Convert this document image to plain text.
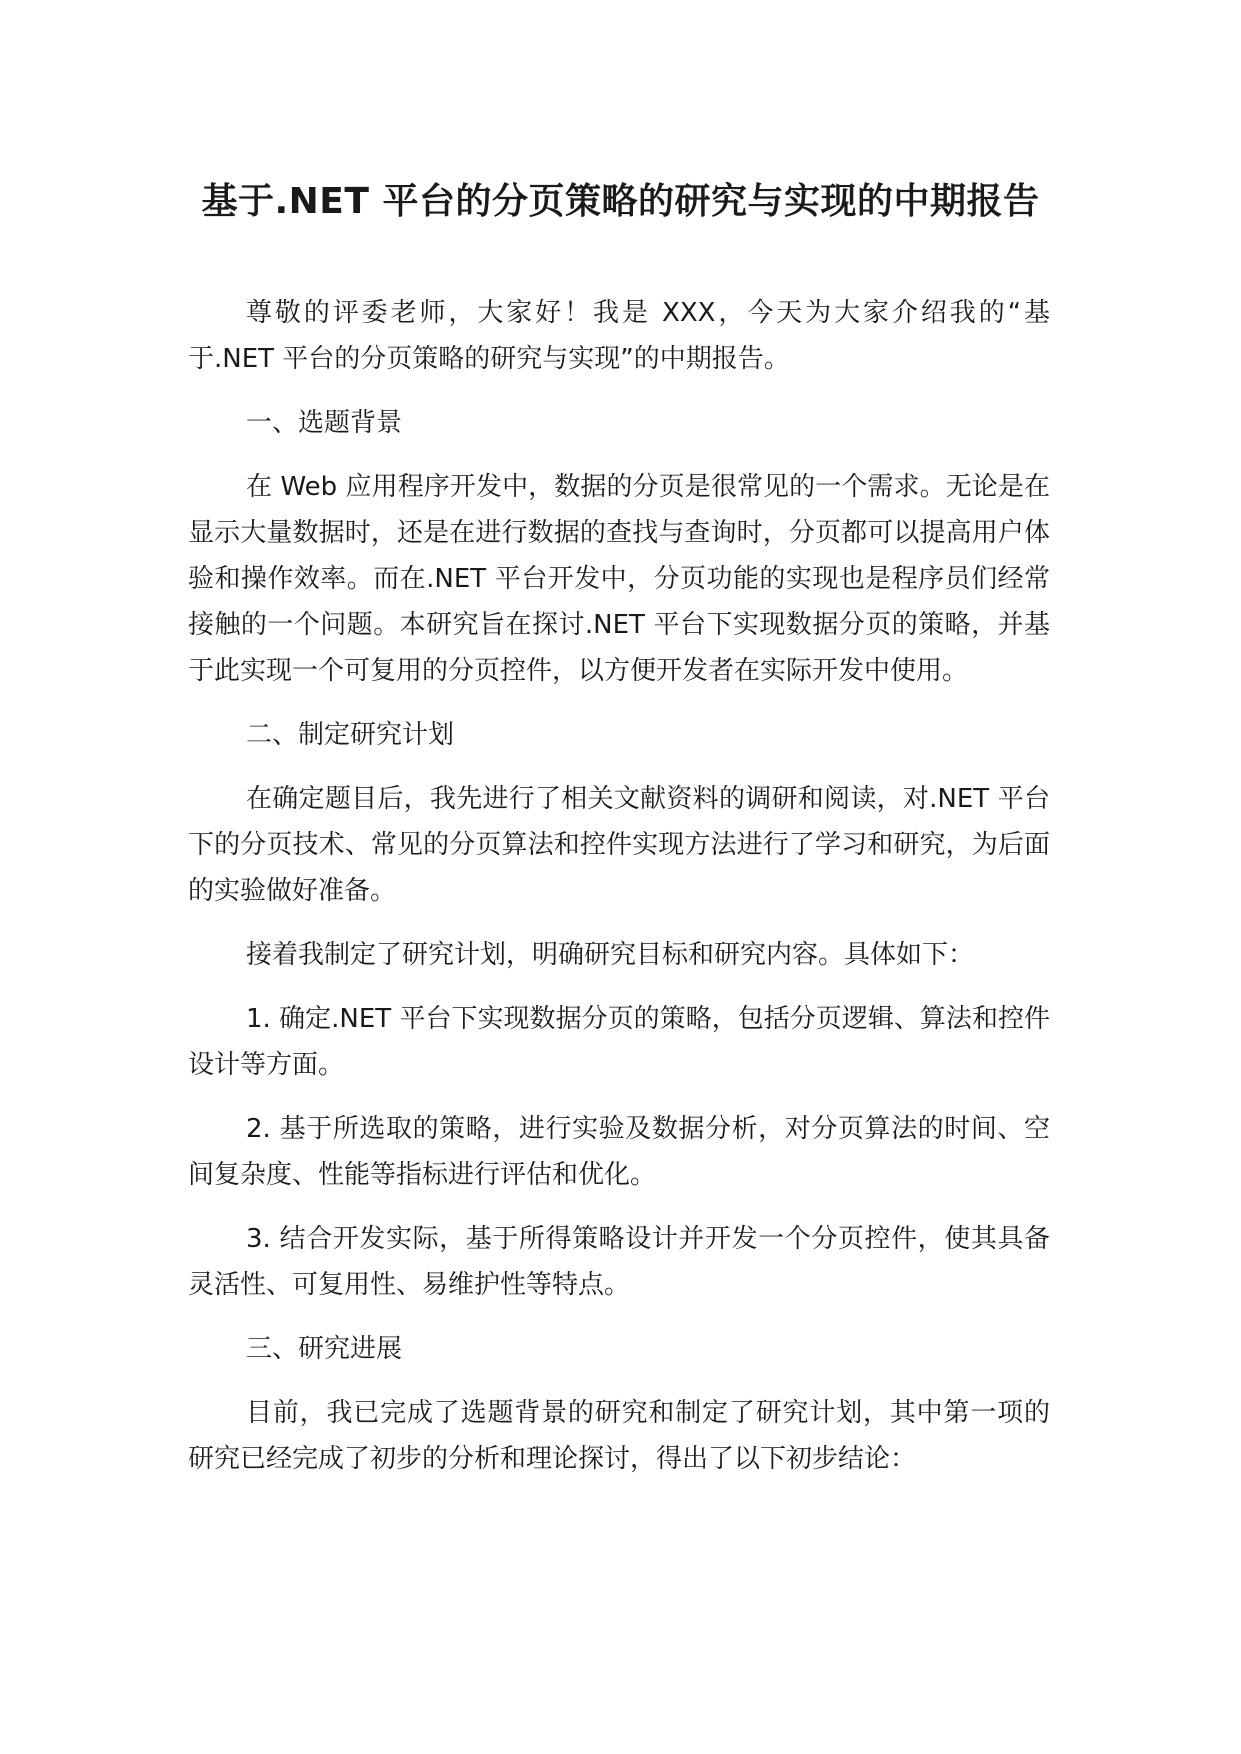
基于.NET 平台的分页策略的研究与实现的中期报告

尊敬的评委老师，大家好！我是 XXX，今天为大家介绍我的“基于.NET 平台的分页策略的研究与实现”的中期报告。

一、选题背景

在 Web 应用程序开发中，数据的分页是很常见的一个需求。无论是在显示大量数据时，还是在进行数据的查找与查询时，分页都可以提高用户体验和操作效率。而在.NET 平台开发中，分页功能的实现也是程序员们经常接触的一个问题。本研究旨在探讨.NET 平台下实现数据分页的策略，并基于此实现一个可复用的分页控件，以方便开发者在实际开发中使用。

二、制定研究计划

在确定题目后，我先进行了相关文献资料的调研和阅读，对.NET 平台下的分页技术、常见的分页算法和控件实现方法进行了学习和研究，为后面的实验做好准备。

接着我制定了研究计划，明确研究目标和研究内容。具体如下：

1. 确定.NET 平台下实现数据分页的策略，包括分页逻辑、算法和控件设计等方面。

2. 基于所选取的策略，进行实验及数据分析，对分页算法的时间、空间复杂度、性能等指标进行评估和优化。

3. 结合开发实际，基于所得策略设计并开发一个分页控件，使其具备灵活性、可复用性、易维护性等特点。

三、研究进展

目前，我已完成了选题背景的研究和制定了研究计划，其中第一项的研究已经完成了初步的分析和理论探讨，得出了以下初步结论：
